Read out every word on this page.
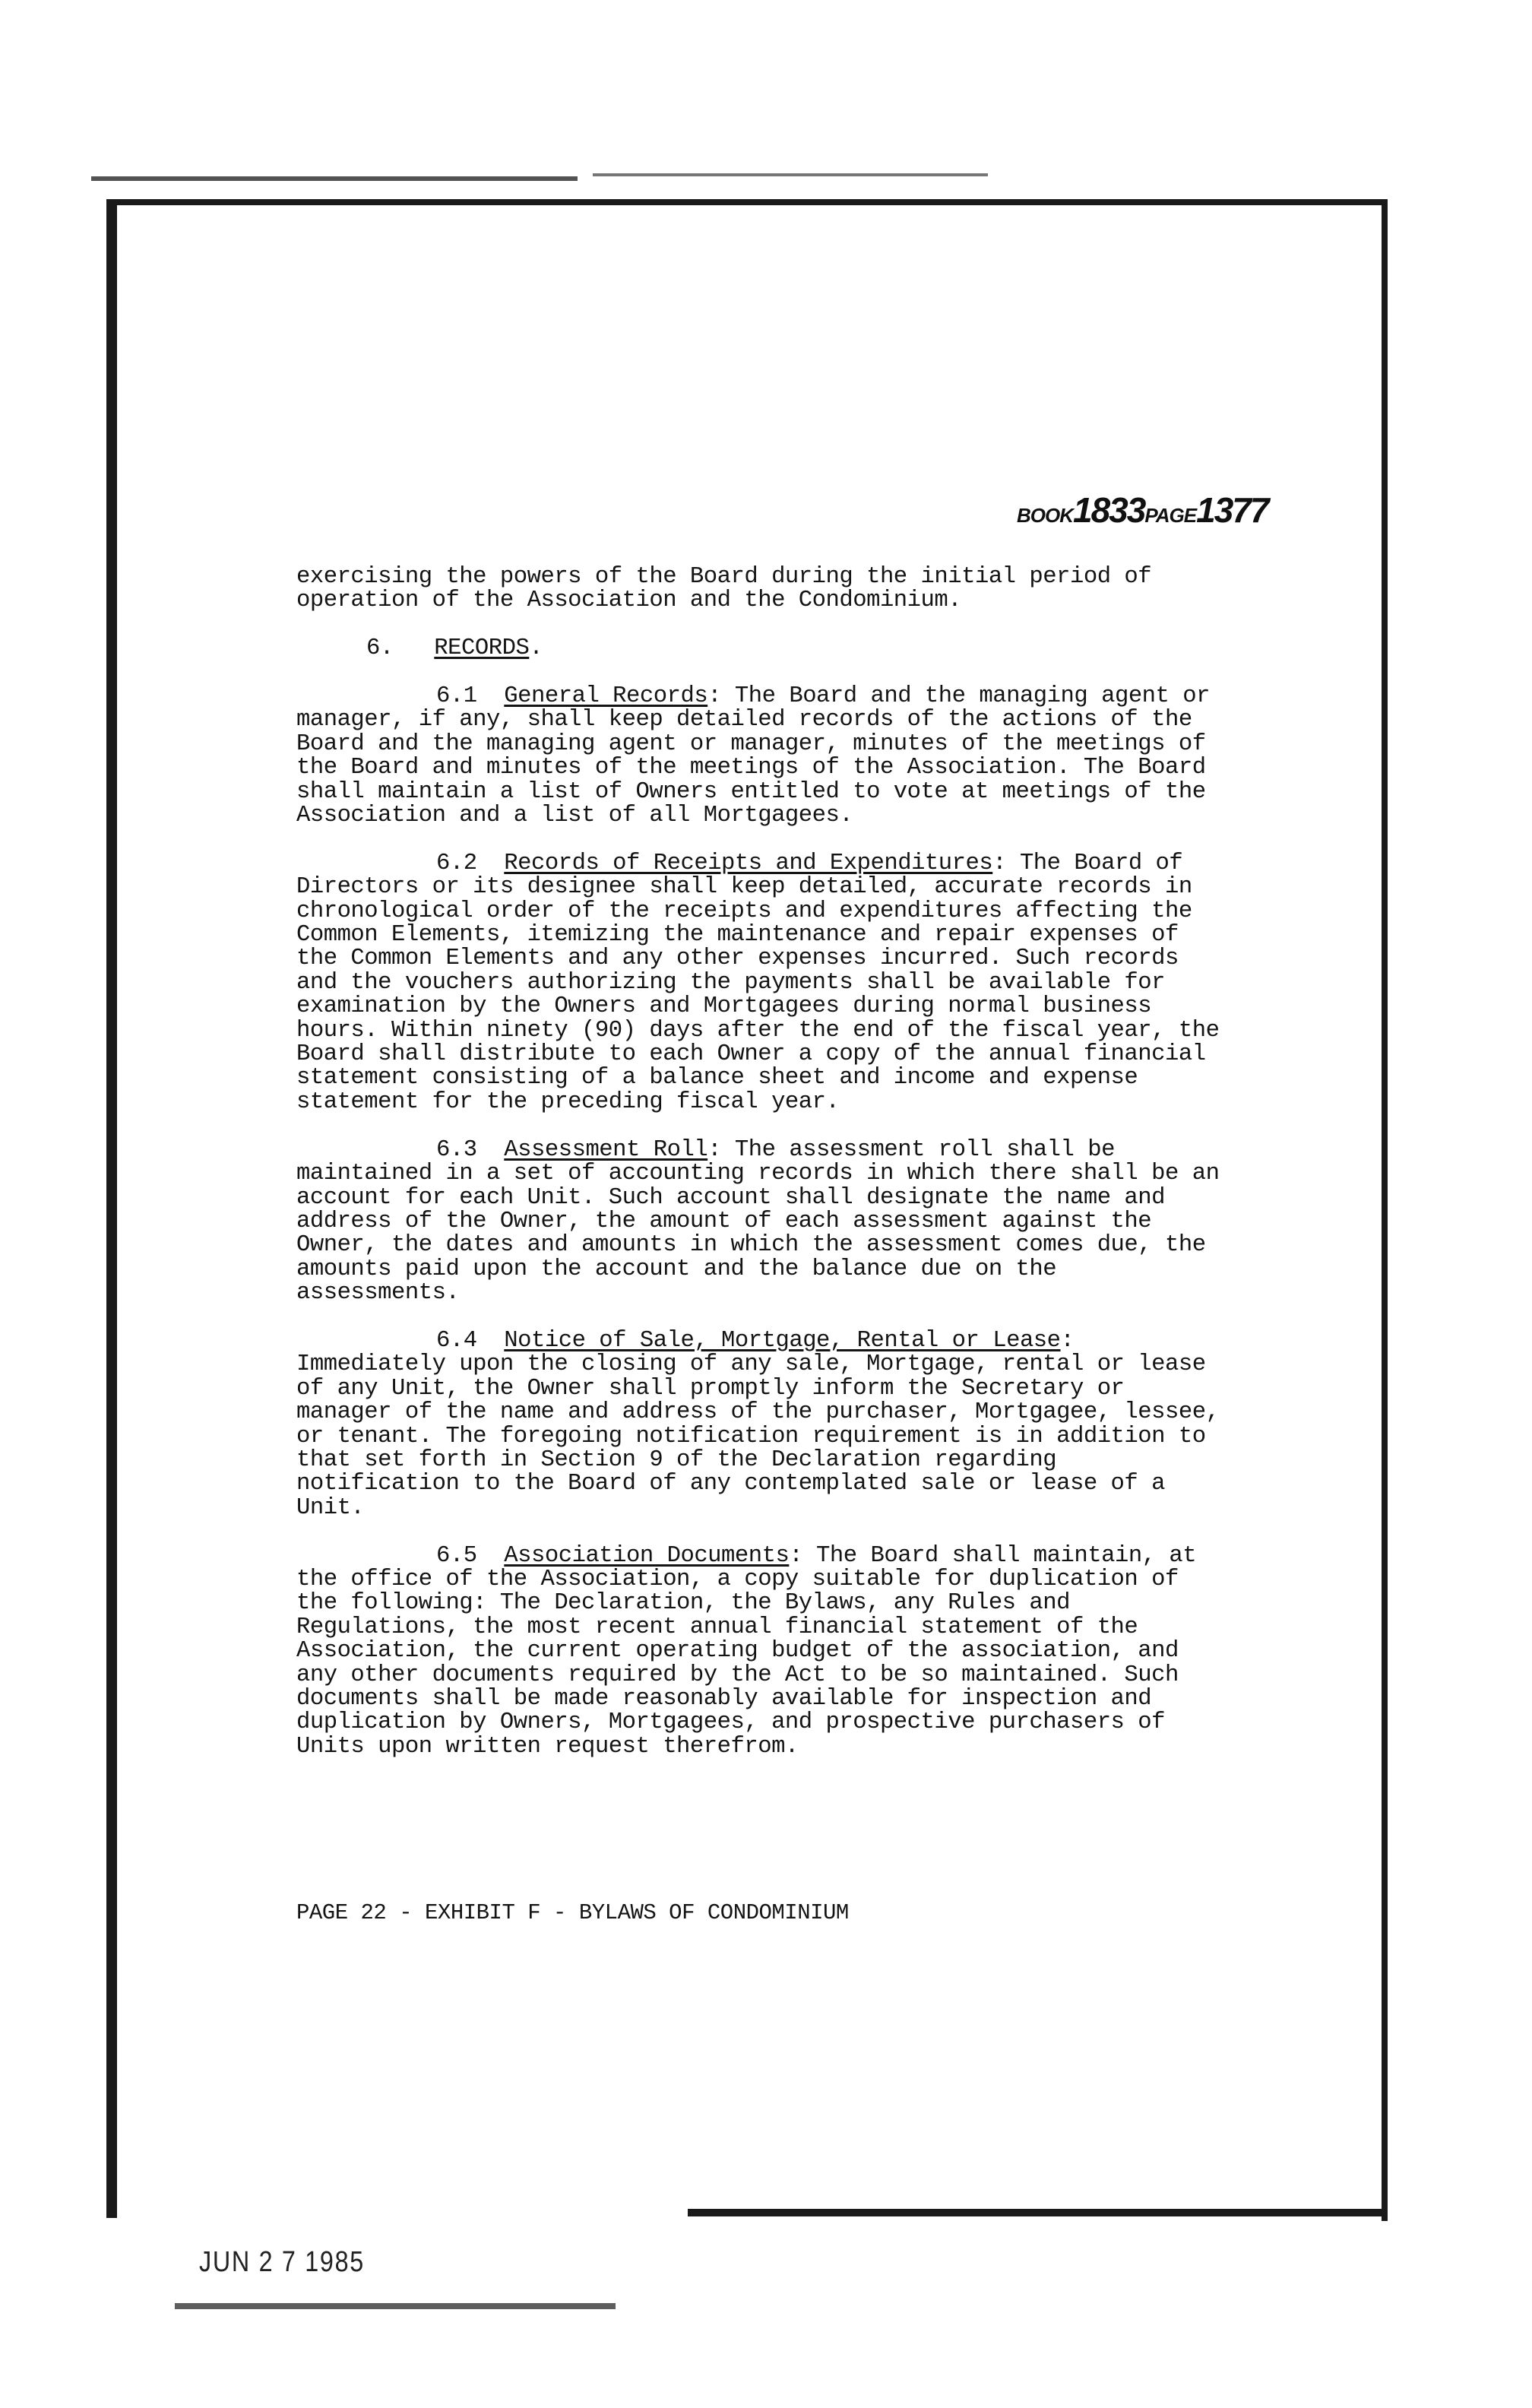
BOOK1833PAGE1377

exercising the powers of the Board during the initial period of operation of the Association and the Condominium.

6. RECORDS.

6.1 General Records: The Board and the managing agent or manager, if any, shall keep detailed records of the actions of the Board and the managing agent or manager, minutes of the meetings of the Board and minutes of the meetings of the Association. The Board shall maintain a list of Owners entitled to vote at meetings of the Association and a list of all Mortgagees.

6.2 Records of Receipts and Expenditures: The Board of Directors or its designee shall keep detailed, accurate records in chronological order of the receipts and expenditures affecting the Common Elements, itemizing the maintenance and repair expenses of the Common Elements and any other expenses incurred. Such records and the vouchers authorizing the payments shall be available for examination by the Owners and Mortgagees during normal business hours. Within ninety (90) days after the end of the fiscal year, the Board shall distribute to each Owner a copy of the annual financial statement consisting of a balance sheet and income and expense statement for the preceding fiscal year.

6.3 Assessment Roll: The assessment roll shall be maintained in a set of accounting records in which there shall be an account for each Unit. Such account shall designate the name and address of the Owner, the amount of each assessment against the Owner, the dates and amounts in which the assessment comes due, the amounts paid upon the account and the balance due on the assessments.

6.4 Notice of Sale, Mortgage, Rental or Lease: Immediately upon the closing of any sale, Mortgage, rental or lease of any Unit, the Owner shall promptly inform the Secretary or manager of the name and address of the purchaser, Mortgagee, lessee, or tenant. The foregoing notification requirement is in addition to that set forth in Section 9 of the Declaration regarding notification to the Board of any contemplated sale or lease of a Unit.

6.5 Association Documents: The Board shall maintain, at the office of the Association, a copy suitable for duplication of the following: The Declaration, the Bylaws, any Rules and Regulations, the most recent annual financial statement of the Association, the current operating budget of the association, and any other documents required by the Act to be so maintained. Such documents shall be made reasonably available for inspection and duplication by Owners, Mortgagees, and prospective purchasers of Units upon written request therefrom.

PAGE 22 - EXHIBIT F - BYLAWS OF CONDOMINIUM
JUN 2 7 1985
